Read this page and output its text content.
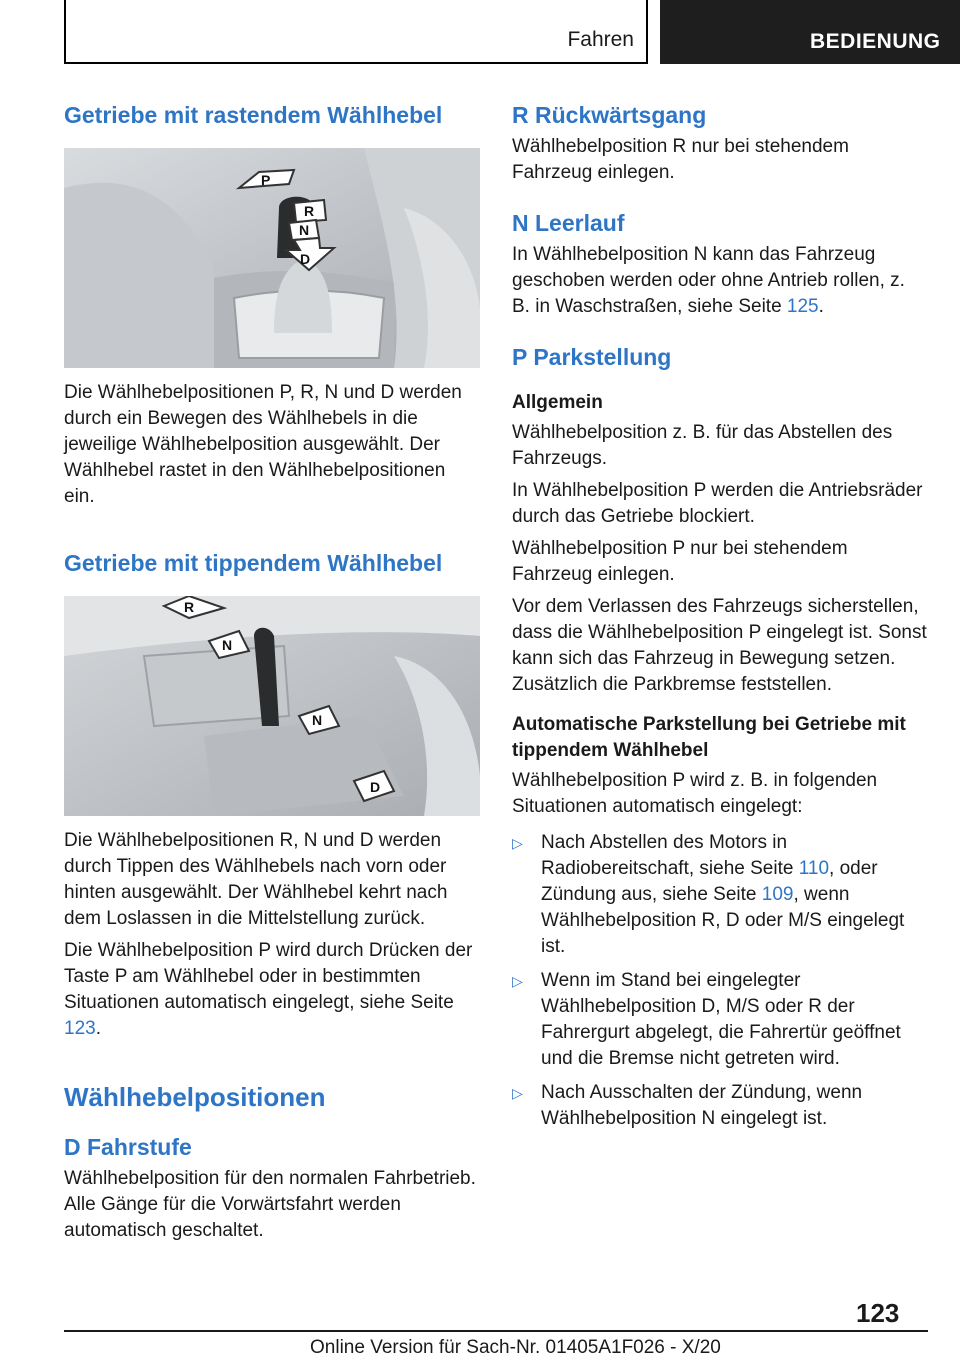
Fahren	BEDIENUNG
Getriebe mit rastendem Wählhebel
P
R
N
D

Die Wählhebelpositionen P, R, N und D werden durch ein Bewegen des Wählhebels in die jeweilige Wählhebelposition ausgewählt. Der Wählhebel rastet in den Wählhebelpositionen ein.

Getriebe mit tippendem Wählhebel
R
N
N
D

Die Wählhebelpositionen R, N und D werden durch Tippen des Wählhebels nach vorn oder hinten ausgewählt. Der Wählhebel kehrt nach dem Loslassen in die Mittelstellung zurück.

Die Wählhebelposition P wird durch Drücken der Taste P am Wählhebel oder in bestimmten Situationen automatisch eingelegt, siehe Seite 123.

Wählhebelpositionen
D Fahrstufe

Wählhebelposition für den normalen Fahrbetrieb. Alle Gänge für die Vorwärtsfahrt werden automatisch geschaltet.

R Rückwärtsgang

Wählhebelposition R nur bei stehendem Fahrzeug einlegen.

N Leerlauf

In Wählhebelposition N kann das Fahrzeug geschoben werden oder ohne Antrieb rollen, z. B. in Waschstraßen, siehe Seite 125.

P Parkstellung
Allgemein

Wählhebelposition z. B. für das Abstellen des Fahrzeugs.

In Wählhebelposition P werden die Antriebsräder durch das Getriebe blockiert.

Wählhebelposition P nur bei stehendem Fahrzeug einlegen.

Vor dem Verlassen des Fahrzeugs sicherstellen, dass die Wählhebelposition P eingelegt ist. Sonst kann sich das Fahrzeug in Bewegung setzen. Zusätzlich die Parkbremse feststellen.

Automatische Parkstellung bei Getriebe mit tippendem Wählhebel

Wählhebelposition P wird z. B. in folgenden Situationen automatisch eingelegt:

▷ Nach Abstellen des Motors in Radiobereitschaft, siehe Seite 110, oder Zündung aus, siehe Seite 109, wenn Wählhebelposition R, D oder M/S eingelegt ist.
▷ Wenn im Stand bei eingelegter Wählhebelposition D, M/S oder R der Fahrergurt abgelegt, die Fahrertür geöffnet und die Bremse nicht getreten wird.
▷ Nach Ausschalten der Zündung, wenn Wählhebelposition N eingelegt ist.
123
Online Version für Sach-Nr. 01405A1F026 - X/20
